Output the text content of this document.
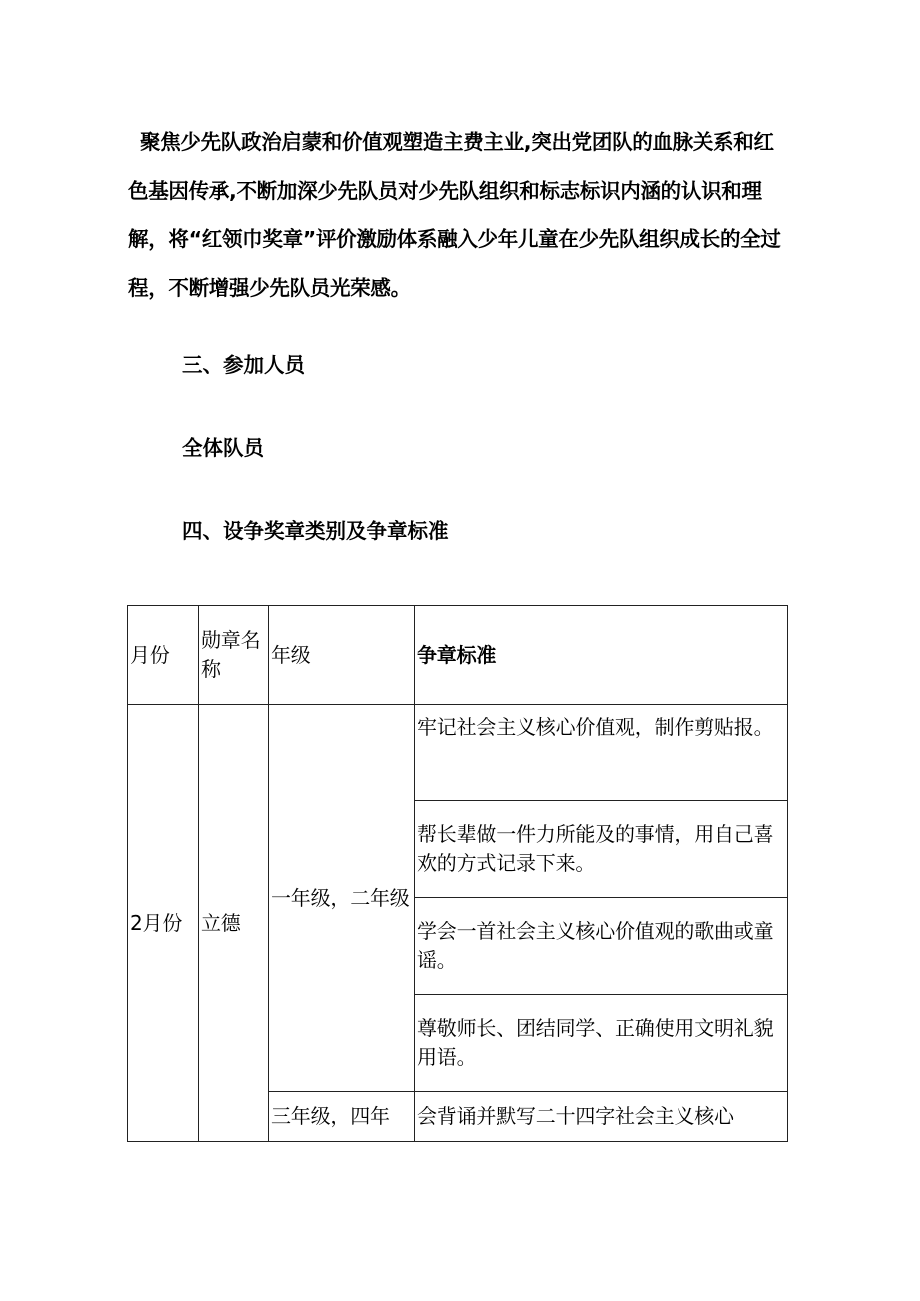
聚焦少先队政治启蒙和价值观塑造主费主业,突出党团队的血脉关系和红色基因传承,不断加深少先队员对少先队组织和标志标识内涵的认识和理解，将“红领巾奖章”评价激励体系融入少年儿童在少先队组织成长的全过程，不断增强少先队员光荣感。
三、参加人员
全体队员
四、设争奖章类别及争章标准
月份	勋章名称	年级	争章标准

2月份	立德	一年级，二年级	牢记社会主义核心价值观，制作剪贴报。
			帮长辈做一件力所能及的事情，用自己喜欢的方式记录下来。
			学会一首社会主义核心价值观的歌曲或童谣。
			尊敬师长、团结同学、正确使用文明礼貌用语。
		三年级，四年	会背诵并默写二十四字社会主义核心
